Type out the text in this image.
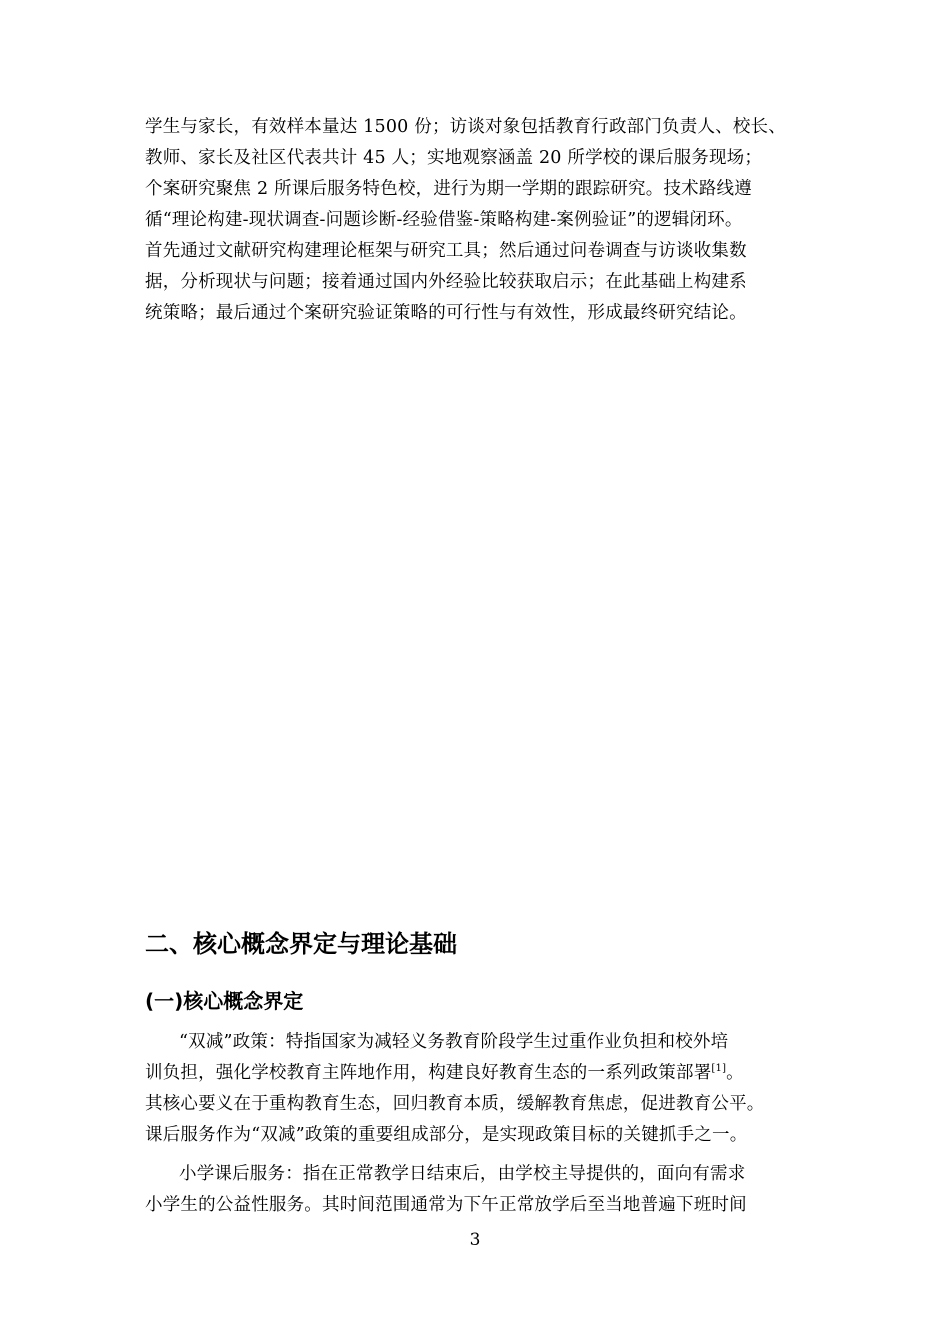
学生与家长，有效样本量达 1500 份；访谈对象包括教育行政部门负责人、校长、
教师、家长及社区代表共计 45 人；实地观察涵盖 20 所学校的课后服务现场；
个案研究聚焦 2 所课后服务特色校，进行为期一学期的跟踪研究。技术路线遵
循“理论构建-现状调查-问题诊断-经验借鉴-策略构建-案例验证”的逻辑闭环。
首先通过文献研究构建理论框架与研究工具；然后通过问卷调查与访谈收集数
据，分析现状与问题；接着通过国内外经验比较获取启示；在此基础上构建系
统策略；最后通过个案研究验证策略的可行性与有效性，形成最终研究结论。
二、核心概念界定与理论基础
(一)核心概念界定
“双减”政策：特指国家为减轻义务教育阶段学生过重作业负担和校外培
训负担，强化学校教育主阵地作用，构建良好教育生态的一系列政策部署[1]。
其核心要义在于重构教育生态，回归教育本质，缓解教育焦虑，促进教育公平。
课后服务作为“双减”政策的重要组成部分，是实现政策目标的关键抓手之一。
小学课后服务：指在正常教学日结束后，由学校主导提供的，面向有需求
小学生的公益性服务。其时间范围通常为下午正常放学后至当地普遍下班时间
3
